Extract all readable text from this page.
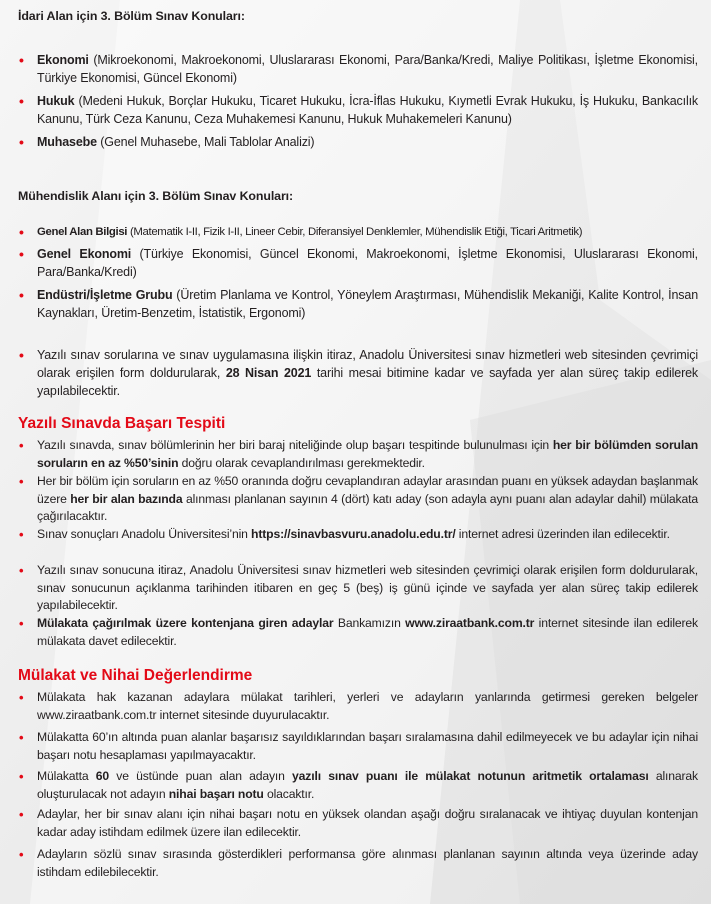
İdari Alan için 3. Bölüm Sınav Konuları:
• Ekonomi (Mikroekonomi, Makroekonomi, Uluslararası Ekonomi, Para/Banka/Kredi, Maliye Politikası, İşletme Ekonomisi, Türkiye Ekonomisi, Güncel Ekonomi)
• Hukuk (Medeni Hukuk, Borçlar Hukuku, Ticaret Hukuku, İcra-İflas Hukuku, Kıymetli Evrak Hukuku, İş Hukuku, Bankacılık Kanunu, Türk Ceza Kanunu, Ceza Muhakemesi Kanunu, Hukuk Muhakemeleri Kanunu)
• Muhasebe (Genel Muhasebe, Mali Tablolar Analizi)
Mühendislik Alanı için 3. Bölüm Sınav Konuları:
• Genel Alan Bilgisi (Matematik I-II, Fizik I-II, Lineer Cebir, Diferansiyel Denklemler, Mühendislik Etiği, Ticari Aritmetik)
• Genel Ekonomi (Türkiye Ekonomisi, Güncel Ekonomi, Makroekonomi, İşletme Ekonomisi, Uluslararası Ekonomi, Para/Banka/Kredi)
• Endüstri/İşletme Grubu (Üretim Planlama ve Kontrol, Yöneylem Araştırması, Mühendislik Mekaniği, Kalite Kontrol, İnsan Kaynakları, Üretim-Benzetim, İstatistik, Ergonomi)
• Yazılı sınav sorularına ve sınav uygulamasına ilişkin itiraz, Anadolu Üniversitesi sınav hizmetleri web sitesinden çevrimiçi olarak erişilen form doldurularak, 28 Nisan 2021 tarihi mesai bitimine kadar ve sayfada yer alan süreç takip edilerek yapılabilecektir.
Yazılı Sınavda Başarı Tespiti
• Yazılı sınavda, sınav bölümlerinin her biri baraj niteliğinde olup başarı tespitinde bulunulması için her bir bölümden sorulan soruların en az %50’sinin doğru olarak cevaplandırılması gerekmektedir.
• Her bir bölüm için soruların en az %50 oranında doğru cevaplandıran adaylar arasından puanı en yüksek adaydan başlanmak üzere her bir alan bazında alınması planlanan sayının 4 (dört) katı aday (son adayla aynı puanı alan adaylar dahil) mülakata çağırılacaktır.
• Sınav sonuçları Anadolu Üniversitesi’nin https://sinavbasvuru.anadolu.edu.tr/ internet adresi üzerinden ilan edilecektir.
• Yazılı sınav sonucuna itiraz, Anadolu Üniversitesi sınav hizmetleri web sitesinden çevrimiçi olarak erişilen form doldurularak, sınav sonucunun açıklanma tarihinden itibaren en geç 5 (beş) iş günü içinde ve sayfada yer alan süreç takip edilerek yapılabilecektir.
• Mülakata çağırılmak üzere kontenjana giren adaylar Bankamızın www.ziraatbank.com.tr internet sitesinde ilan edilerek mülakata davet edilecektir.
Mülakat ve Nihai Değerlendirme
• Mülakata hak kazanan adaylara mülakat tarihleri, yerleri ve adayların yanlarında getirmesi gereken belgeler www.ziraatbank.com.tr internet sitesinde duyurulacaktır.
• Mülakatta 60’ın altında puan alanlar başarısız sayıldıklarından başarı sıralamasına dahil edilmeyecek ve bu adaylar için nihai başarı notu hesaplaması yapılmayacaktır.
• Mülakatta 60 ve üstünde puan alan adayın yazılı sınav puanı ile mülakat notunun aritmetik ortalaması alınarak oluşturulacak not adayın nihai başarı notu olacaktır.
• Adaylar, her bir sınav alanı için nihai başarı notu en yüksek olandan aşağı doğru sıralanacak ve ihtiyaç duyulan kontenjan kadar aday istihdam edilmek üzere ilan edilecektir.
• Adayların sözlü sınav sırasında gösterdikleri performansa göre alınması planlanan sayının altında veya üzerinde aday istihdam edilebilecektir.
